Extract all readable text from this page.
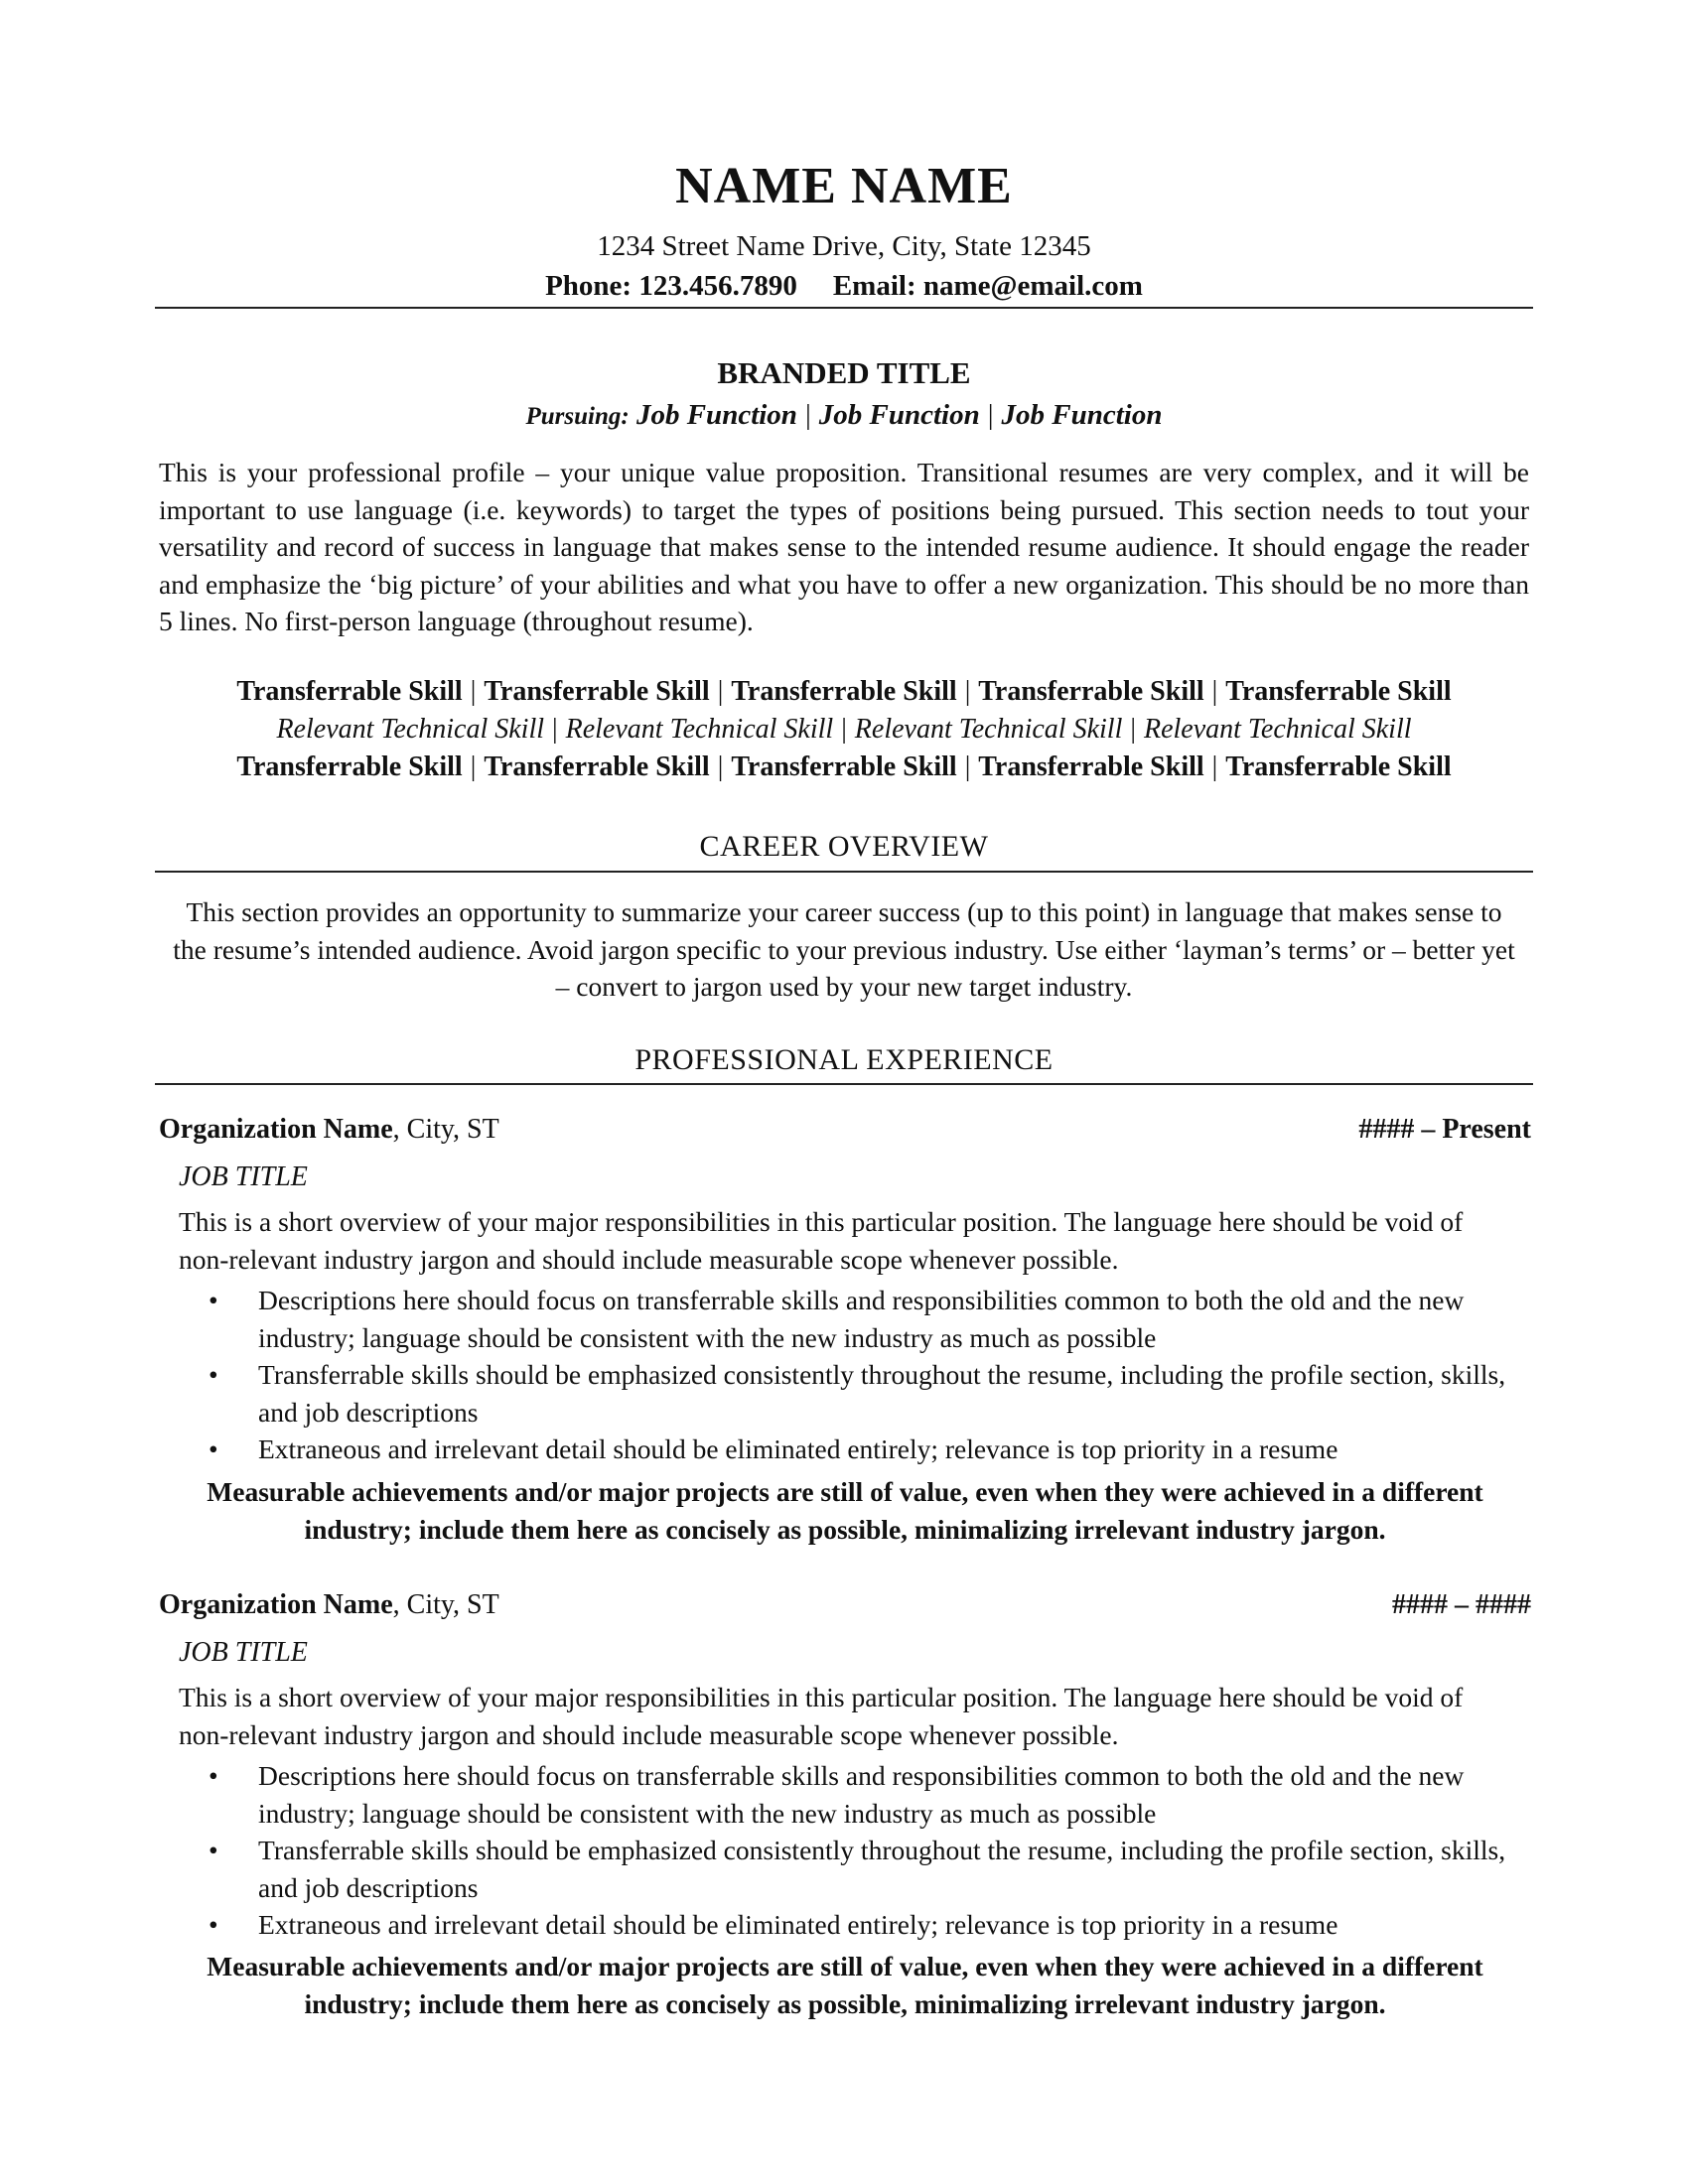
NAME NAME
1234 Street Name Drive, City, State 12345
Phone: 123.456.7890 Email: name@email.com
BRANDED TITLE
Pursuing: Job Function | Job Function | Job Function
This is your professional profile – your unique value proposition. Transitional resumes are very complex, and it will be important to use language (i.e. keywords) to target the types of positions being pursued. This section needs to tout your versatility and record of success in language that makes sense to the intended resume audience. It should engage the reader and emphasize the ‘big picture’ of your abilities and what you have to offer a new organization. This should be no more than 5 lines. No first-person language (throughout resume).
Transferrable Skill | Transferrable Skill | Transferrable Skill | Transferrable Skill | Transferrable Skill
Relevant Technical Skill | Relevant Technical Skill | Relevant Technical Skill | Relevant Technical Skill
Transferrable Skill | Transferrable Skill | Transferrable Skill | Transferrable Skill | Transferrable Skill
CAREER OVERVIEW
This section provides an opportunity to summarize your career success (up to this point) in language that makes sense to the resume’s intended audience. Avoid jargon specific to your previous industry. Use either ‘layman’s terms’ or – better yet – convert to jargon used by your new target industry.
PROFESSIONAL EXPERIENCE
Organization Name, City, ST	#### – Present
JOB TITLE
This is a short overview of your major responsibilities in this particular position. The language here should be void of non-relevant industry jargon and should include measurable scope whenever possible.
• Descriptions here should focus on transferrable skills and responsibilities common to both the old and the new industry; language should be consistent with the new industry as much as possible
• Transferrable skills should be emphasized consistently throughout the resume, including the profile section, skills, and job descriptions
• Extraneous and irrelevant detail should be eliminated entirely; relevance is top priority in a resume
Measurable achievements and/or major projects are still of value, even when they were achieved in a different industry; include them here as concisely as possible, minimalizing irrelevant industry jargon.
Organization Name, City, ST	#### – ####
JOB TITLE
This is a short overview of your major responsibilities in this particular position. The language here should be void of non-relevant industry jargon and should include measurable scope whenever possible.
• Descriptions here should focus on transferrable skills and responsibilities common to both the old and the new industry; language should be consistent with the new industry as much as possible
• Transferrable skills should be emphasized consistently throughout the resume, including the profile section, skills, and job descriptions
• Extraneous and irrelevant detail should be eliminated entirely; relevance is top priority in a resume
Measurable achievements and/or major projects are still of value, even when they were achieved in a different industry; include them here as concisely as possible, minimalizing irrelevant industry jargon.
